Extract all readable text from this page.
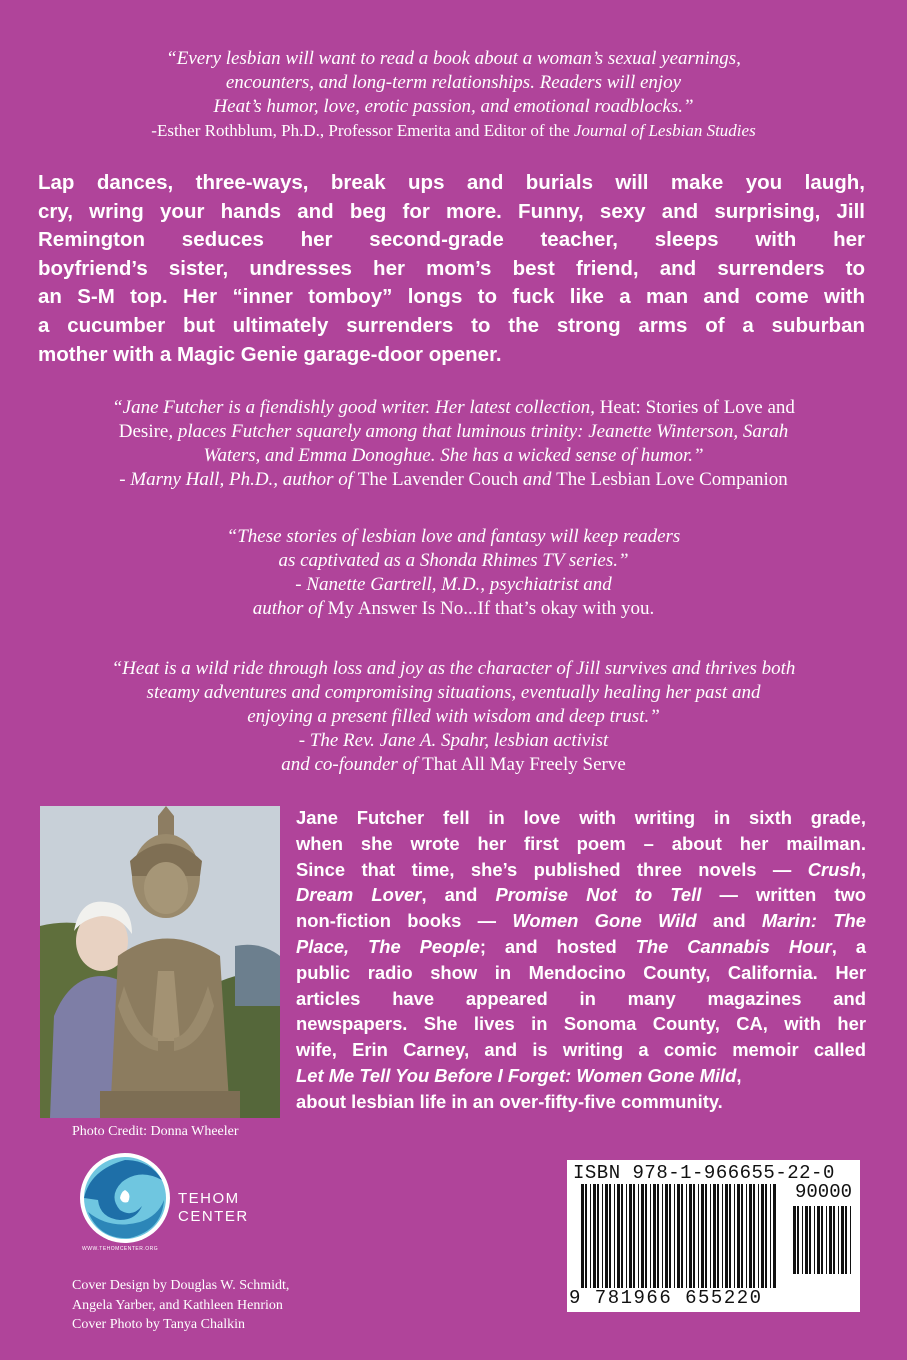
“Every lesbian will want to read a book about a woman’s sexual yearnings,
encounters, and long-term relationships. Readers will enjoy
Heat’s humor, love, erotic passion, and emotional roadblocks.”
-Esther Rothblum, Ph.D., Professor Emerita and Editor of the Journal of Lesbian Studies
Lap dances, three-ways, break ups and burials will make you laugh,
cry, wring your hands and beg for more. Funny, sexy and surprising, Jill
Remington seduces her second-grade teacher, sleeps with her
boyfriend’s sister, undresses her mom’s best friend, and surrenders to
an S-M top. Her “inner tomboy” longs to fuck like a man and come with
a cucumber but ultimately surrenders to the strong arms of a suburban
mother with a Magic Genie garage-door opener.
“Jane Futcher is a fiendishly good writer. Her latest collection, Heat: Stories of Love and
Desire, places Futcher squarely among that luminous trinity: Jeanette Winterson, Sarah
Waters, and Emma Donoghue. She has a wicked sense of humor.”
- Marny Hall, Ph.D., author of The Lavender Couch and The Lesbian Love Companion
“These stories of lesbian love and fantasy will keep readers
as captivated as a Shonda Rhimes TV series.”
- Nanette Gartrell, M.D., psychiatrist and
author of My Answer Is No...If that’s okay with you.
“Heat is a wild ride through loss and joy as the character of Jill survives and thrives both
steamy adventures and compromising situations, eventually healing her past and
enjoying a present filled with wisdom and deep trust.”
- The Rev. Jane A. Spahr, lesbian activist
and co-founder of That All May Freely Serve
Jane Futcher fell in love with writing in sixth grade,
when she wrote her first poem – about her mailman.
Since that time, she’s published three novels — Crush,
Dream Lover, and Promise Not to Tell — written two
non-fiction books — Women Gone Wild and Marin: The
Place, The People; and hosted The Cannabis Hour, a
public radio show in Mendocino County, California. Her
articles have appeared in many magazines and
newspapers. She lives in Sonoma County, CA, with her
wife, Erin Carney, and is writing a comic memoir called
Let Me Tell You Before I Forget: Women Gone Mild,
about lesbian life in an over-fifty-five community.
Photo Credit: Donna Wheeler
TEHOM
CENTER
WWW.TEHOMCENTER.ORG
Cover Design by Douglas W. Schmidt,
Angela Yarber, and Kathleen Henrion
Cover Photo by Tanya Chalkin
ISBN 978-1-966655-22-0
90000
9 781966 655220
